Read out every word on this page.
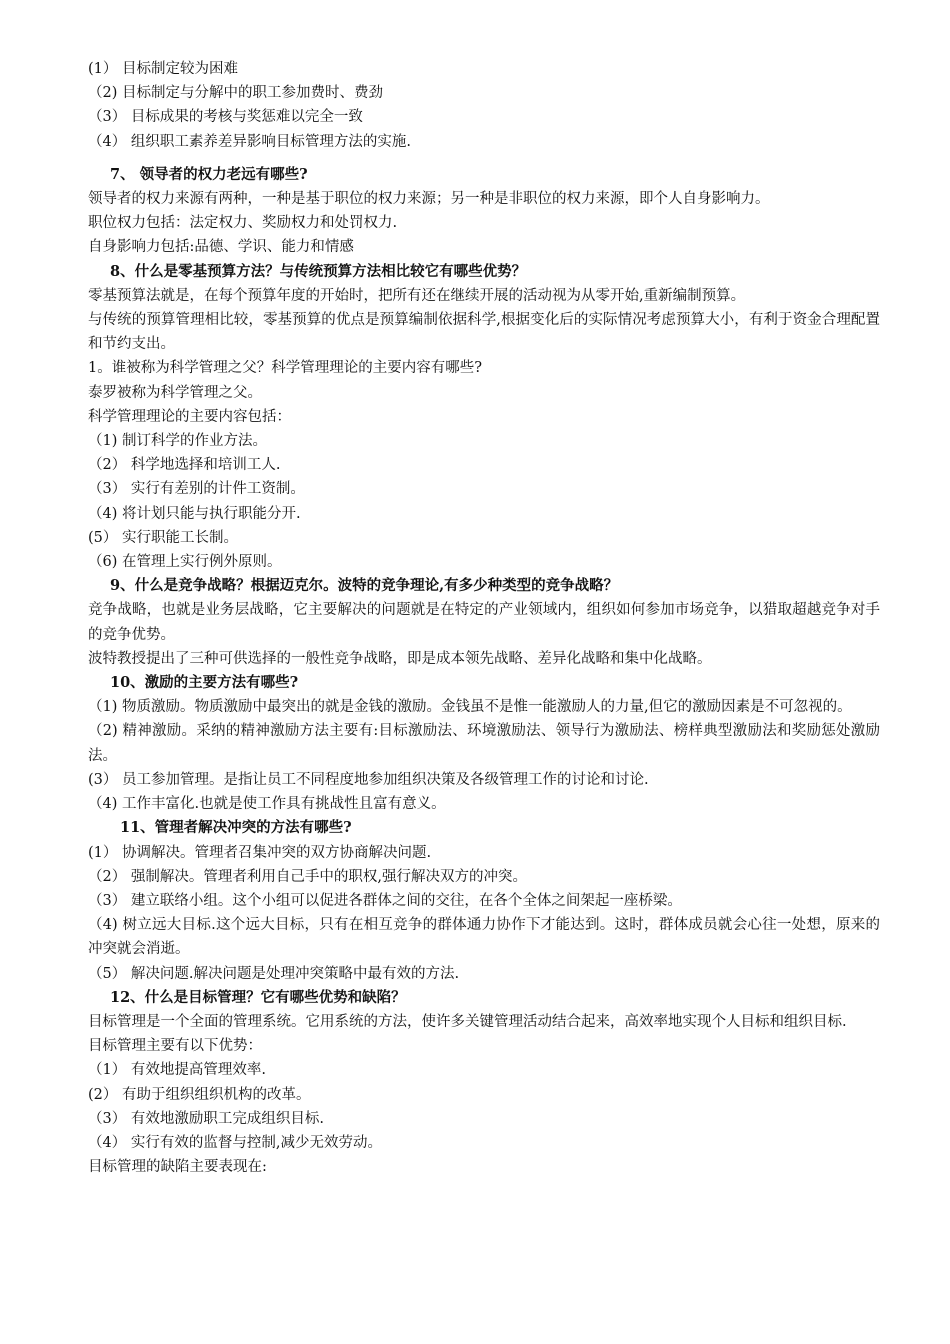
(1） 目标制定较为困难

（2) 目标制定与分解中的职工参加费时、费劲

（3） 目标成果的考核与奖惩难以完全一致

（4） 组织职工素养差异影响目标管理方法的实施.

7、 领导者的权力老远有哪些?

领导者的权力来源有两种，一种是基于职位的权力来源；另一种是非职位的权力来源，即个人自身影响力。

职位权力包括：法定权力、奖励权力和处罚权力.

自身影响力包括:品德、学识、能力和情感

8、什么是零基预算方法？与传统预算方法相比较它有哪些优势？

零基预算法就是，在每个预算年度的开始时，把所有还在继续开展的活动视为从零开始,重新编制预算。

与传统的预算管理相比较，零基预算的优点是预算编制依据科学,根据变化后的实际情况考虑预算大小，有利于资金合理配置和节约支出。

1。谁被称为科学管理之父？科学管理理论的主要内容有哪些?

泰罗被称为科学管理之父。

科学管理理论的主要内容包括：

（1) 制订科学的作业方法。

（2） 科学地选择和培训工人.

（3） 实行有差别的计件工资制。

（4) 将计划只能与执行职能分开.

(5） 实行职能工长制。

（6) 在管理上实行例外原则。

9、什么是竞争战略？根据迈克尔。波特的竞争理论,有多少种类型的竞争战略？

竞争战略，也就是业务层战略，它主要解决的问题就是在特定的产业领域内，组织如何参加市场竞争，以猎取超越竞争对手的竞争优势。

波特教授提出了三种可供选择的一般性竞争战略，即是成本领先战略、差异化战略和集中化战略。

10、激励的主要方法有哪些?

（1) 物质激励。物质激励中最突出的就是金钱的激励。金钱虽不是惟一能激励人的力量,但它的激励因素是不可忽视的。

（2) 精神激励。采纳的精神激励方法主要有:目标激励法、环境激励法、领导行为激励法、榜样典型激励法和奖励惩处激励法。

(3） 员工参加管理。是指让员工不同程度地参加组织决策及各级管理工作的讨论和讨论.

（4) 工作丰富化.也就是使工作具有挑战性且富有意义。

11、管理者解决冲突的方法有哪些?

(1） 协调解决。管理者召集冲突的双方协商解决问题.

（2） 强制解决。管理者利用自己手中的职权,强行解决双方的冲突。

（3） 建立联络小组。这个小组可以促进各群体之间的交往，在各个全体之间架起一座桥梁。

（4) 树立远大目标.这个远大目标，只有在相互竞争的群体通力协作下才能达到。这时，群体成员就会心往一处想，原来的冲突就会消逝。

（5） 解决问题.解决问题是处理冲突策略中最有效的方法.

12、什么是目标管理？它有哪些优势和缺陷？

目标管理是一个全面的管理系统。它用系统的方法，使许多关键管理活动结合起来，高效率地实现个人目标和组织目标.

目标管理主要有以下优势：

（1） 有效地提高管理效率.

(2） 有助于组织组织机构的改革。

（3） 有效地激励职工完成组织目标.

（4） 实行有效的监督与控制,减少无效劳动。

目标管理的缺陷主要表现在:
